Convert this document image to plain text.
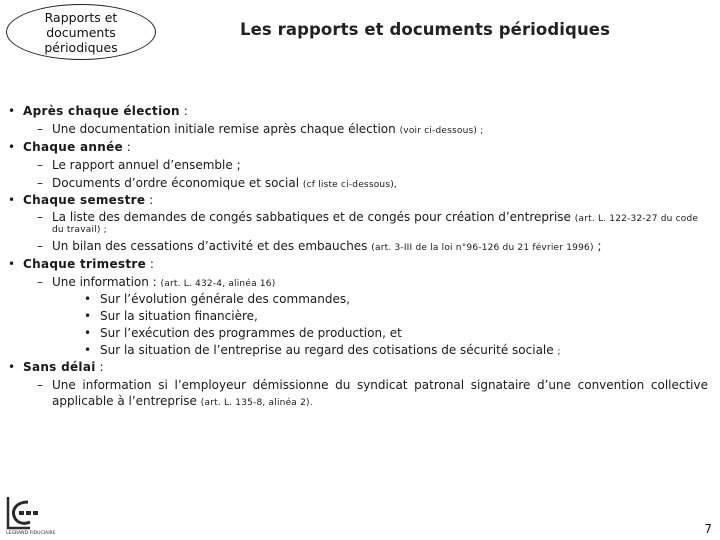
Rapports et
documents
périodiques
Les rapports et documents périodiques
• Après chaque élection :
– Une documentation initiale remise après chaque élection (voir ci-dessous) ;
• Chaque année :
– Le rapport annuel d’ensemble ;
– Documents d’ordre économique et social (cf liste ci-dessous),
• Chaque semestre :
– La liste des demandes de congés sabbatiques et de congés pour création d’entreprise (art. L. 122-32-27 du code
du travail) ;
– Un bilan des cessations d’activité et des embauches (art. 3-III de la loi n°96-126 du 21 février 1996) ;
• Chaque trimestre :
– Une information : (art. L. 432-4, alinéa 16)
• Sur l’évolution générale des commandes,
• Sur la situation financière,
• Sur l’exécution des programmes de production, et
• Sur la situation de l’entreprise au regard des cotisations de sécurité sociale ;
• Sans délai :
– Une information si l’employeur démissionne du syndicat patronal signataire d’une convention collective
applicable à l’entreprise (art. L. 135-8, alinéa 2).
LEGRAND FIDUCIAIRE	7
